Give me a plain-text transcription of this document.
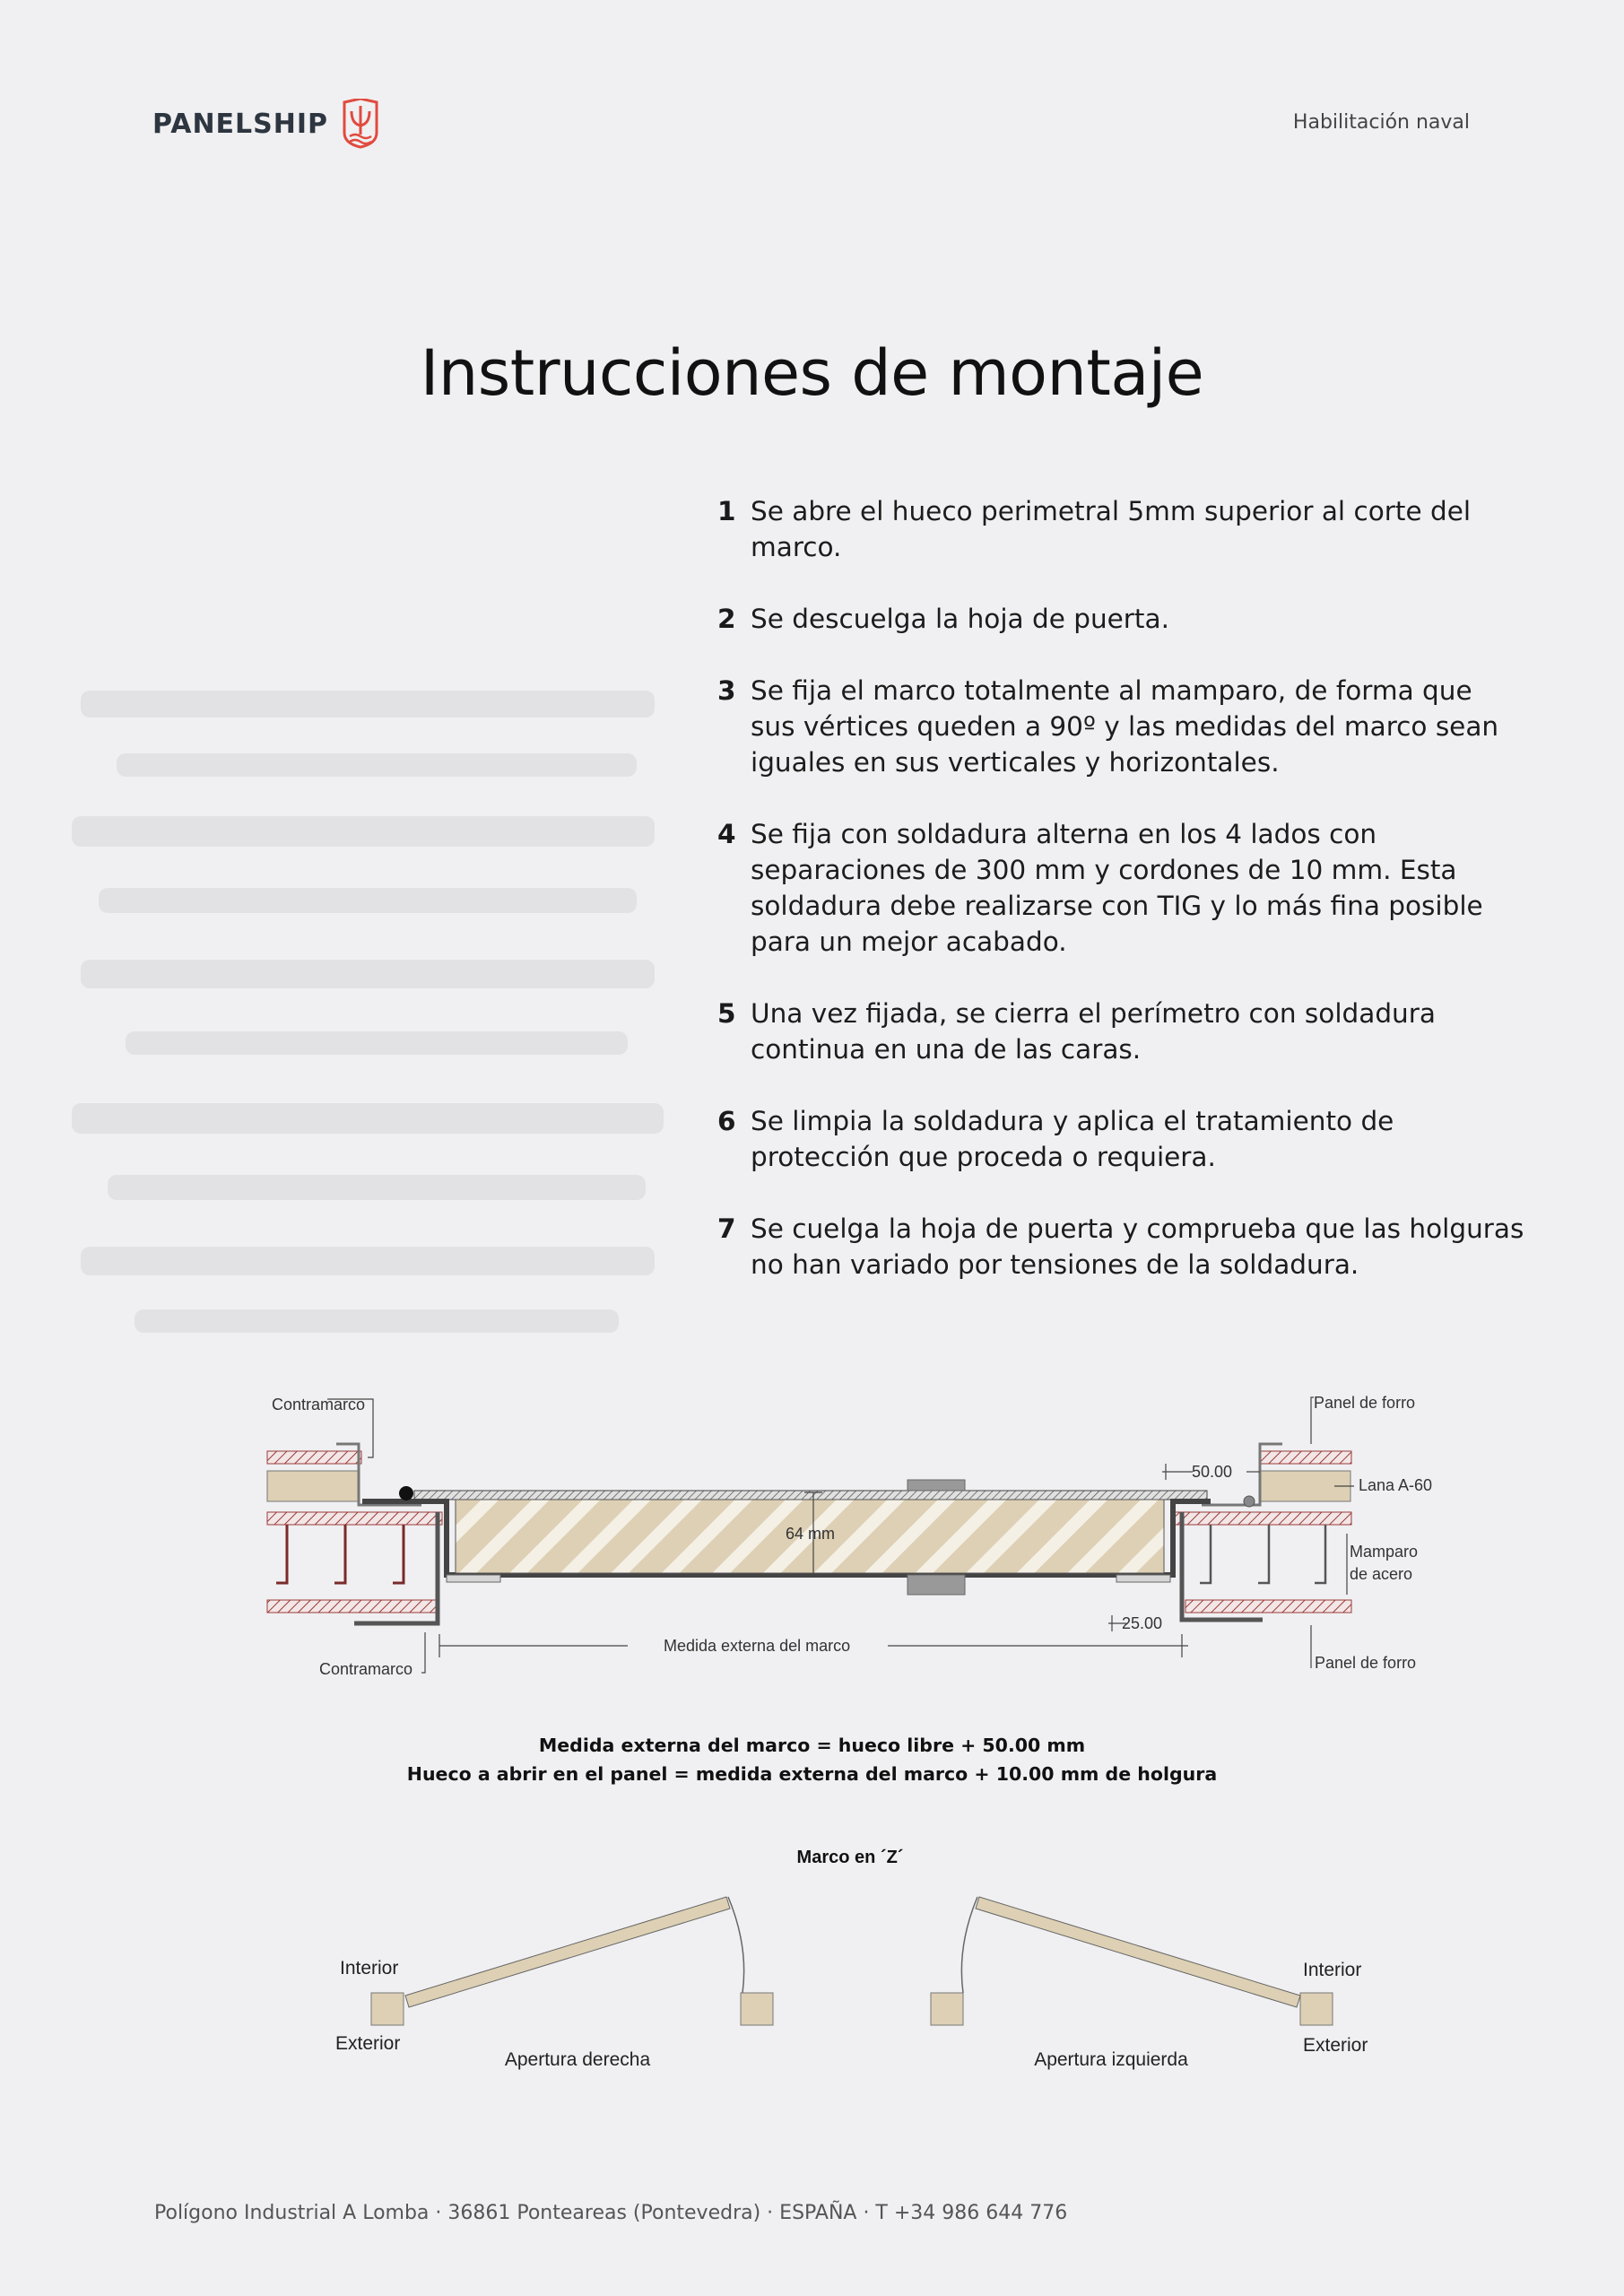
PANELSHIP	Habilitación naval
Instrucciones de montaje
1 Se abre el hueco perimetral 5mm superior al corte del marco.
2 Se descuelga la hoja de puerta.
3 Se fija el marco totalmente al mamparo, de forma que sus vértices queden a 90º y las medidas del marco sean iguales en sus verticales y horizontales.
4 Se fija con soldadura alterna en los 4 lados con separaciones de 300 mm y cordones de 10 mm. Esta soldadura debe realizarse con TIG y lo más fina posible para un mejor acabado.
5 Una vez fijada, se cierra el perímetro con soldadura continua en una de las caras.
6 Se limpia la soldadura y aplica el tratamiento de protección que proceda o requiera.
7 Se cuelga la hoja de puerta y comprueba que las holguras no han variado por tensiones de la soldadura.
Contramarco
Contramarco
Panel de forro
Panel de forro
Lana A-60
Mamparo
de acero
50.00
25.00
64 mm
Medida externa del marco
Medida externa del marco = hueco libre + 50.00 mm
Hueco a abrir en el panel = medida externa del marco + 10.00 mm de holgura
Marco en ´Z´
Interior
Exterior
Apertura derecha
Interior
Exterior
Apertura izquierda
Polígono Industrial A Lomba · 36861 Ponteareas (Pontevedra) · ESPAÑA · T +34 986 644 776
